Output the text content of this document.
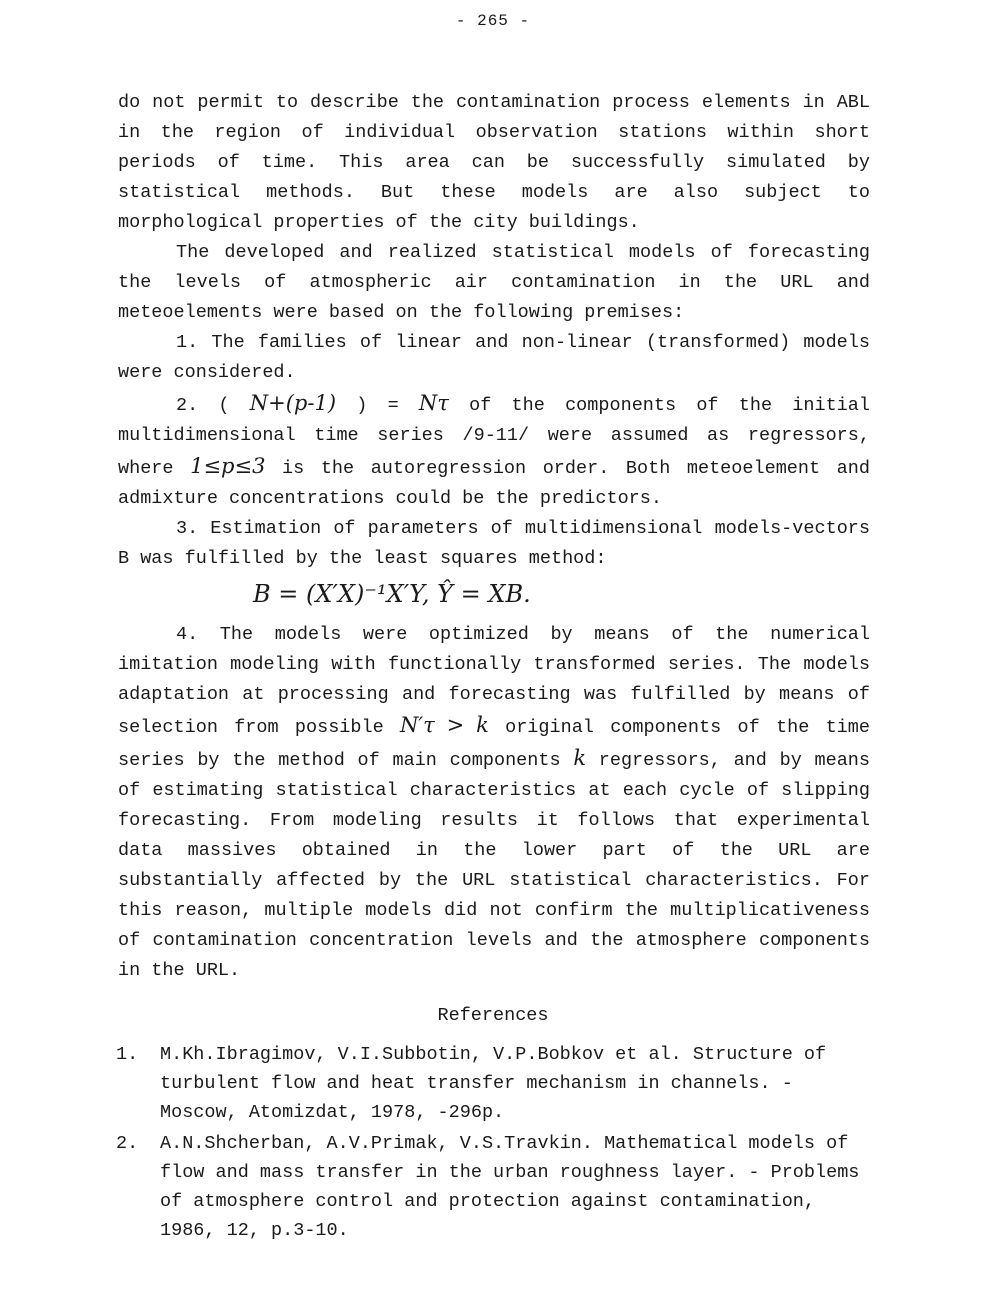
- 265 -

do not permit to describe the contamination process elements in ABL in the region of individual observation stations within short periods of time. This area can be successfully simulated by statistical methods. But these models are also subject to morphological properties of the city buildings.

The developed and realized statistical models of forecasting the levels of atmospheric air contamination in the URL and meteoelements were based on the following premises:

1. The families of linear and non-linear (transformed) models were considered.

2. ( N+(p-1) ) = Nτ of the components of the initial multidimensional time series /9-11/ were assumed as regressors, where 1≤p≤3 is the autoregression order. Both meteoelement and admixture concentrations could be the predictors.

3. Estimation of parameters of multidimensional models-vectors B was fulfilled by the least squares method:

B = (X′X)⁻¹X′Y, Ŷ = XB.

4. The models were optimized by means of the numerical imitation modeling with functionally transformed series. The models adaptation at processing and forecasting was fulfilled by means of selection from possible N′τ > k original components of the time series by the method of main components k regressors, and by means of estimating statistical characteristics at each cycle of slipping forecasting. From modeling results it follows that experimental data massives obtained in the lower part of the URL are substantially affected by the URL statistical characteristics. For this reason, multiple models did not confirm the multiplicativeness of contamination concentration levels and the atmosphere components in the URL.

References
1.	M.Kh.Ibragimov, V.I.Subbotin, V.P.Bobkov et al. Structure of turbulent flow and heat transfer mechanism in channels. - Moscow, Atomizdat, 1978, -296p.
2.	A.N.Shcherban, A.V.Primak, V.S.Travkin. Mathematical models of flow and mass transfer in the urban roughness layer. - Problems of atmosphere control and protection against contamination, 1986, 12, p.3-10.
